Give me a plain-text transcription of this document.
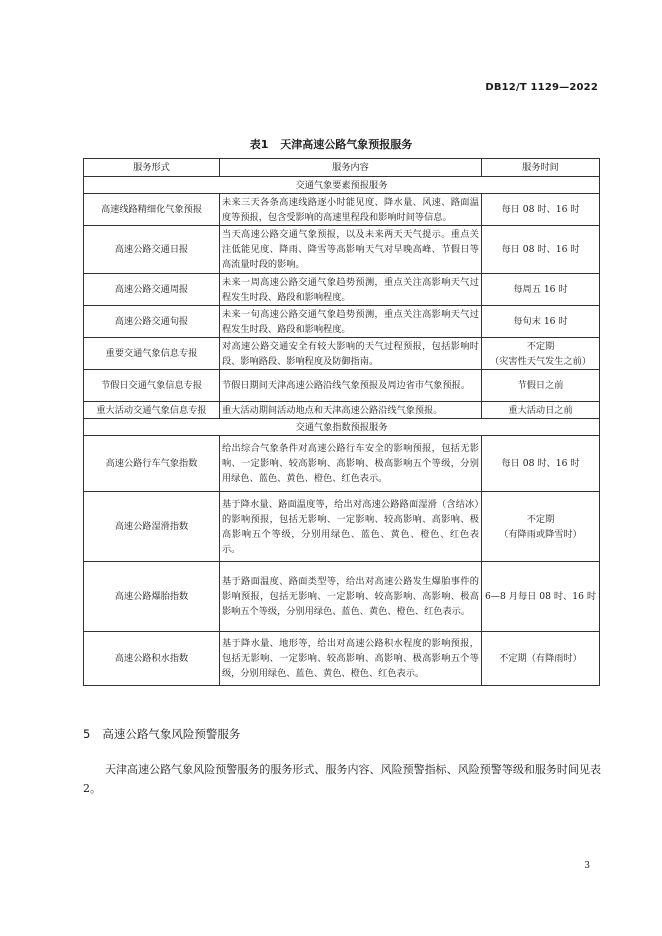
DB12/T 1129—2022
表1 天津高速公路气象预报服务
服务形式	服务内容	服务时间
交通气象要素预报服务		
高速线路精细化气象预报	未来三天各条高速线路逐小时能见度、降水量、风速、路面温度等预报，包含受影响的高速里程段和影响时间等信息。	每日 08 时、16 时
高速公路交通日报	当天高速公路交通气象预报，以及未来两天天气提示。重点关注低能见度、降雨、降雪等高影响天气对早晚高峰、节假日等高流量时段的影响。	每日 08 时、16 时
高速公路交通周报	未来一周高速公路交通气象趋势预测，重点关注高影响天气过程发生时段、路段和影响程度。	每周五 16 时
高速公路交通旬报	未来一旬高速公路交通气象趋势预测，重点关注高影响天气过程发生时段、路段和影响程度。	每旬末 16 时
重要交通气象信息专报	对高速公路交通安全有较大影响的天气过程预报，包括影响时段、影响路段、影响程度及防御指南。	不定期
（灾害性天气发生之前）

节假日交通气象信息专报	节假日期间天津高速公路沿线气象预报及周边省市气象预报。	节假日之前
重大活动交通气象信息专报	重大活动期间活动地点和天津高速公路沿线气象预报。	重大活动日之前
交通气象指数预报服务		
高速公路行车气象指数	给出综合气象条件对高速公路行车安全的影响预报，包括无影响、一定影响、较高影响、高影响、极高影响五个等级，分别用绿色、蓝色、黄色、橙色、红色表示。	每日 08 时、16 时
高速公路湿滑指数	基于降水量、路面温度等，给出对高速公路路面湿滑（含结冰）的影响预报，包括无影响、一定影响、较高影响、高影响、极高影响五个等级，分别用绿色、蓝色、黄色、橙色、红色表示。	不定期
（有降雨或降雪时）

高速公路爆胎指数	基于路面温度、路面类型等，给出对高速公路发生爆胎事件的影响预报，包括无影响、一定影响、较高影响、高影响、极高影响五个等级，分别用绿色、蓝色、黄色、橙色、红色表示。	6—8 月每日 08 时、16 时
高速公路积水指数	基于降水量、地形等，给出对高速公路积水程度的影响预报，包括无影响、一定影响、较高影响、高影响、极高影响五个等级，分别用绿色、蓝色、黄色、橙色、红色表示。	不定期（有降雨时）
5 高速公路气象风险预警服务
天津高速公路气象风险预警服务的服务形式、服务内容、风险预警指标、风险预警等级和服务时间见表2。
3
